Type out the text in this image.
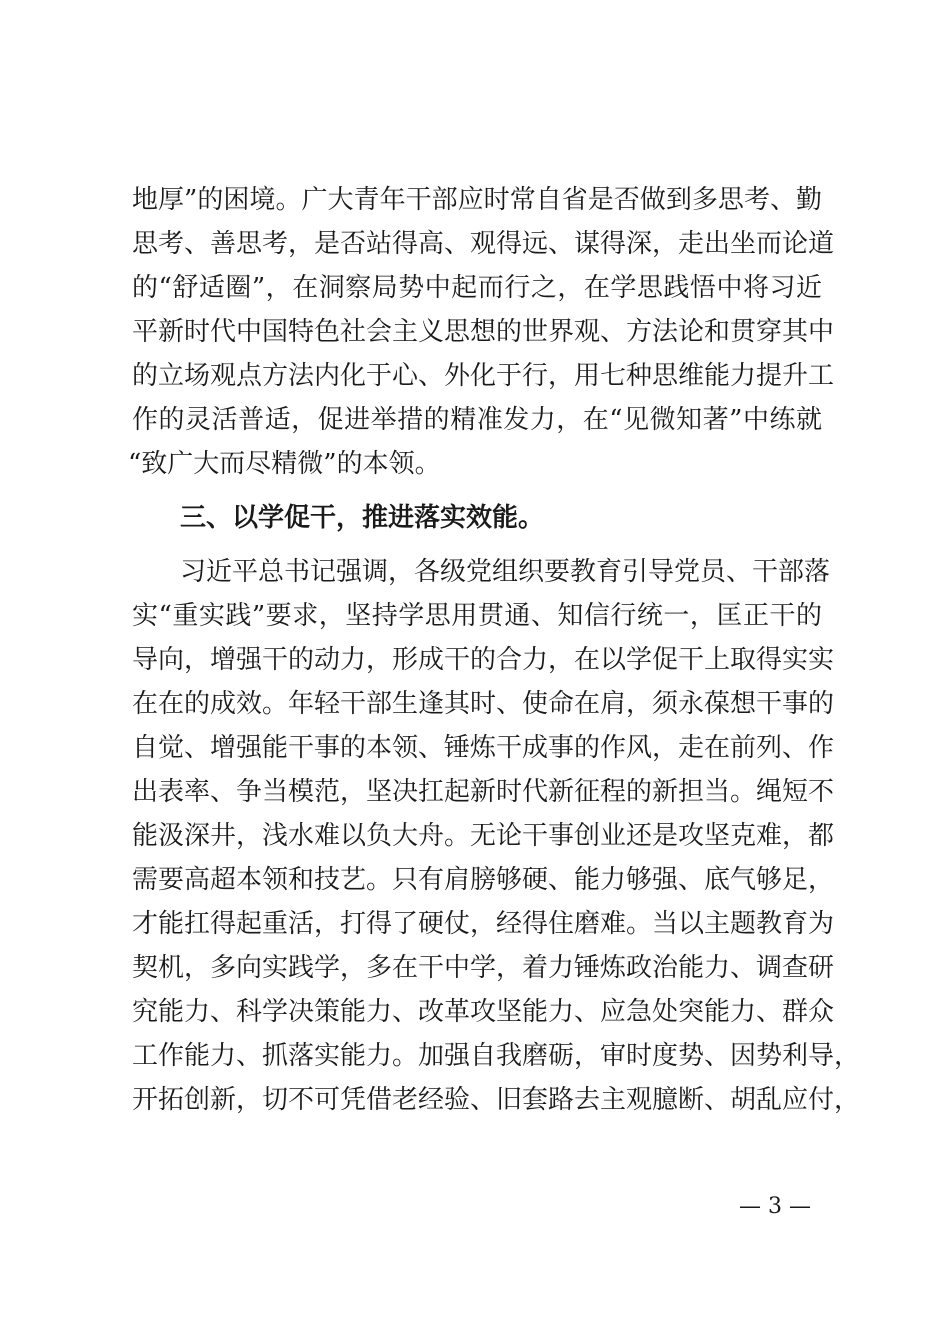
地厚”的困境。广大青年干部应时常自省是否做到多思考、勤
思考、善思考，是否站得高、观得远、谋得深，走出坐而论道
的“舒适圈”，在洞察局势中起而行之，在学思践悟中将习近
平新时代中国特色社会主义思想的世界观、方法论和贯穿其中
的立场观点方法内化于心、外化于行，用七种思维能力提升工
作的灵活普适，促进举措的精准发力，在“见微知著”中练就
“致广大而尽精微”的本领。
三、以学促干，推进落实效能。
习近平总书记强调，各级党组织要教育引导党员、干部落
实“重实践”要求，坚持学思用贯通、知信行统一，匡正干的
导向，增强干的动力，形成干的合力，在以学促干上取得实实
在在的成效。年轻干部生逢其时、使命在肩，须永葆想干事的
自觉、增强能干事的本领、锤炼干成事的作风，走在前列、作
出表率、争当模范，坚决扛起新时代新征程的新担当。绳短不
能汲深井，浅水难以负大舟。无论干事创业还是攻坚克难，都
需要高超本领和技艺。只有肩膀够硬、能力够强、底气够足，
才能扛得起重活，打得了硬仗，经得住磨难。当以主题教育为
契机，多向实践学，多在干中学，着力锤炼政治能力、调查研
究能力、科学决策能力、改革攻坚能力、应急处突能力、群众
工作能力、抓落实能力。加强自我磨砺，审时度势、因势利导，
开拓创新，切不可凭借老经验、旧套路去主观臆断、胡乱应付，
— 3 —
